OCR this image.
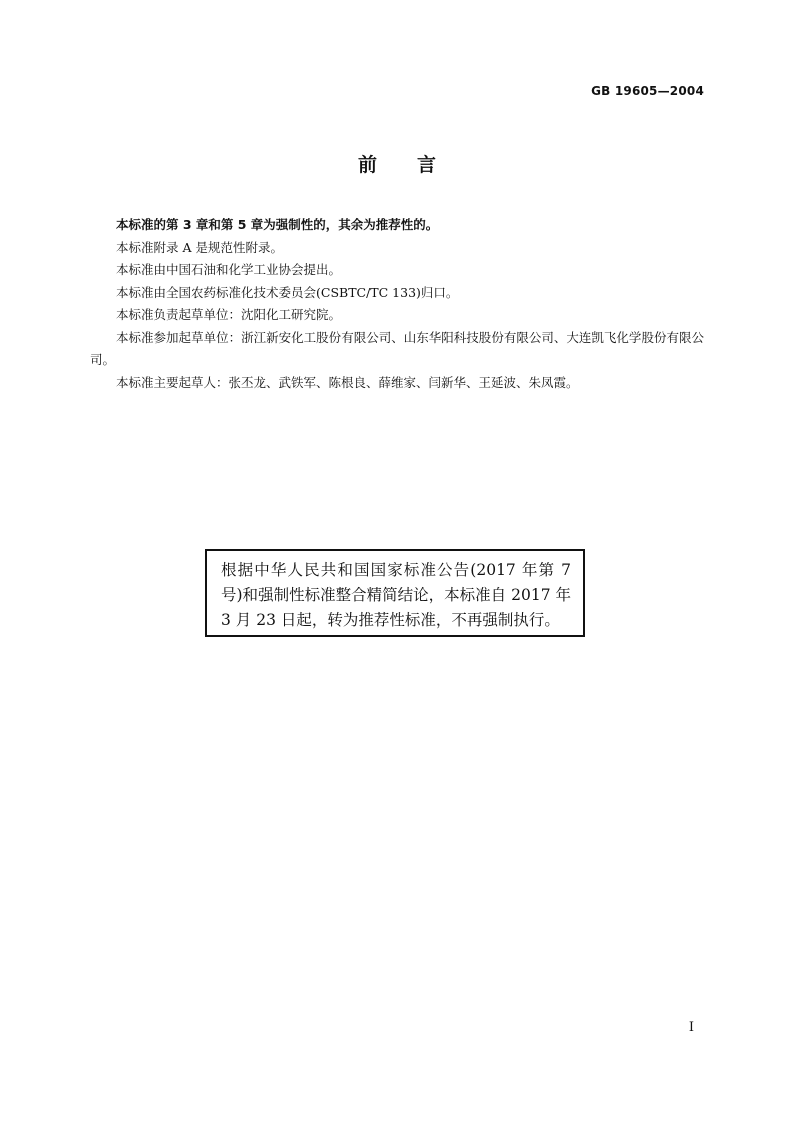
GB 19605—2004
前言

本标准的第 3 章和第 5 章为强制性的，其余为推荐性的。

本标准附录 A 是规范性附录。

本标准由中国石油和化学工业协会提出。

本标准由全国农药标准化技术委员会(CSBTC/TC 133)归口。

本标准负责起草单位：沈阳化工研究院。

本标准参加起草单位：浙江新安化工股份有限公司、山东华阳科技股份有限公司、大连凯飞化学股份有限公司。

本标准主要起草人：张丕龙、武铁军、陈根良、薛维家、闫新华、王延波、朱凤霞。

根据中华人民共和国国家标准公告(2017 年第 7 号)和强制性标准整合精简结论，本标准自 2017 年 3 月 23 日起，转为推荐性标准，不再强制执行。
I
